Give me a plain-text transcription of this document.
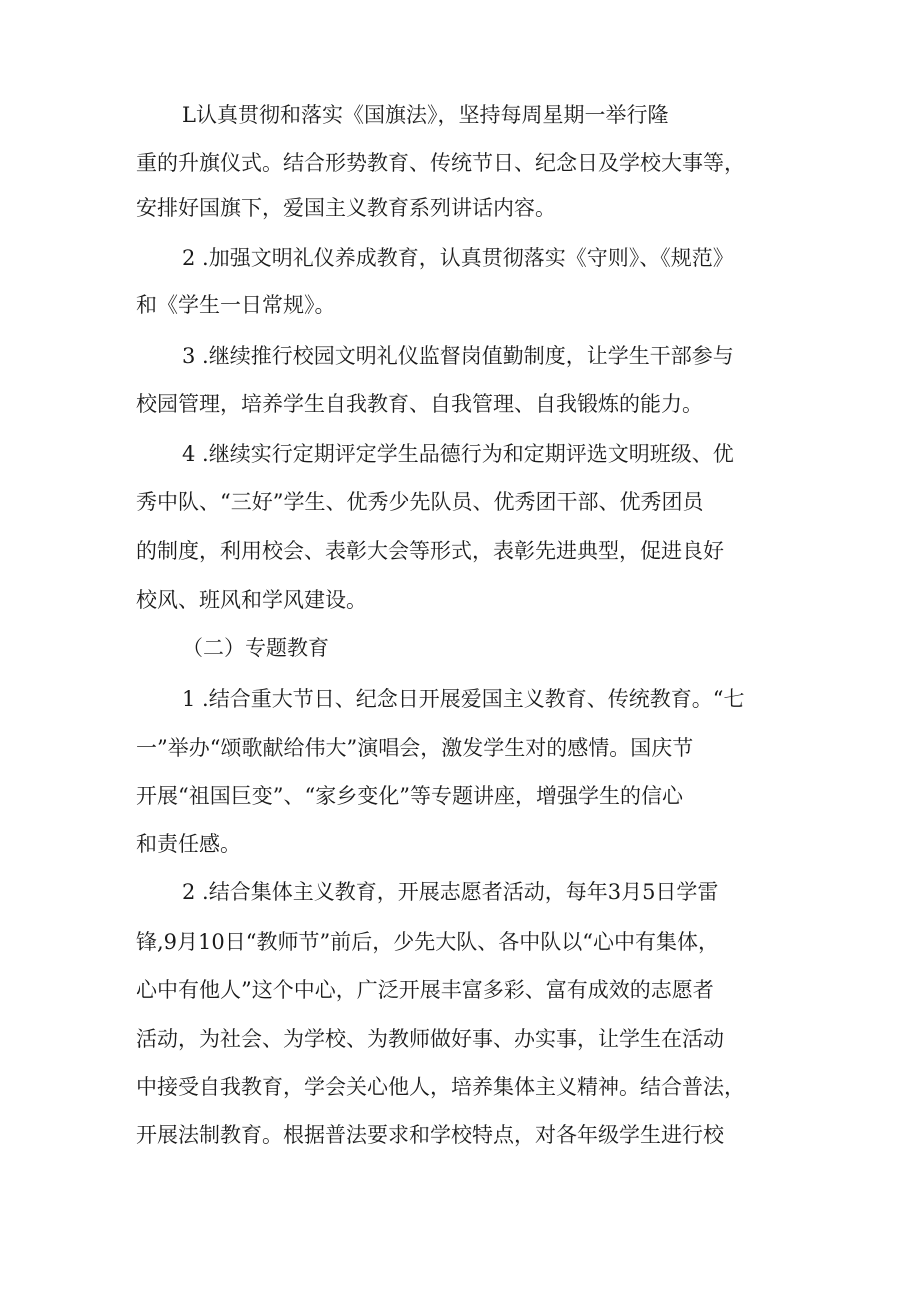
L认真贯彻和落实《国旗法》，坚持每周星期一举行隆

重的升旗仪式。结合形势教育、传统节日、纪念日及学校大事等，

安排好国旗下，爱国主义教育系列讲话内容。

2 .加强文明礼仪养成教育，认真贯彻落实《守则》、《规范》

和《学生一日常规》。

3 .继续推行校园文明礼仪监督岗值勤制度，让学生干部参与

校园管理，培养学生自我教育、自我管理、自我锻炼的能力。

4 .继续实行定期评定学生品德行为和定期评选文明班级、优

秀中队、“三好”学生、优秀少先队员、优秀团干部、优秀团员

的制度，利用校会、表彰大会等形式，表彰先进典型，促进良好

校风、班风和学风建设。

（二）专题教育

1 .结合重大节日、纪念日开展爱国主义教育、传统教育。“七

一”举办“颂歌献给伟大”演唱会，激发学生对的感情。国庆节

开展“祖国巨变”、“家乡变化”等专题讲座，增强学生的信心

和责任感。

2 .结合集体主义教育，开展志愿者活动，每年3月5日学雷

锋,9月10日“教师节”前后，少先大队、各中队以“心中有集体，

心中有他人”这个中心，广泛开展丰富多彩、富有成效的志愿者

活动，为社会、为学校、为教师做好事、办实事，让学生在活动

中接受自我教育，学会关心他人，培养集体主义精神。结合普法，

开展法制教育。根据普法要求和学校特点，对各年级学生进行校
